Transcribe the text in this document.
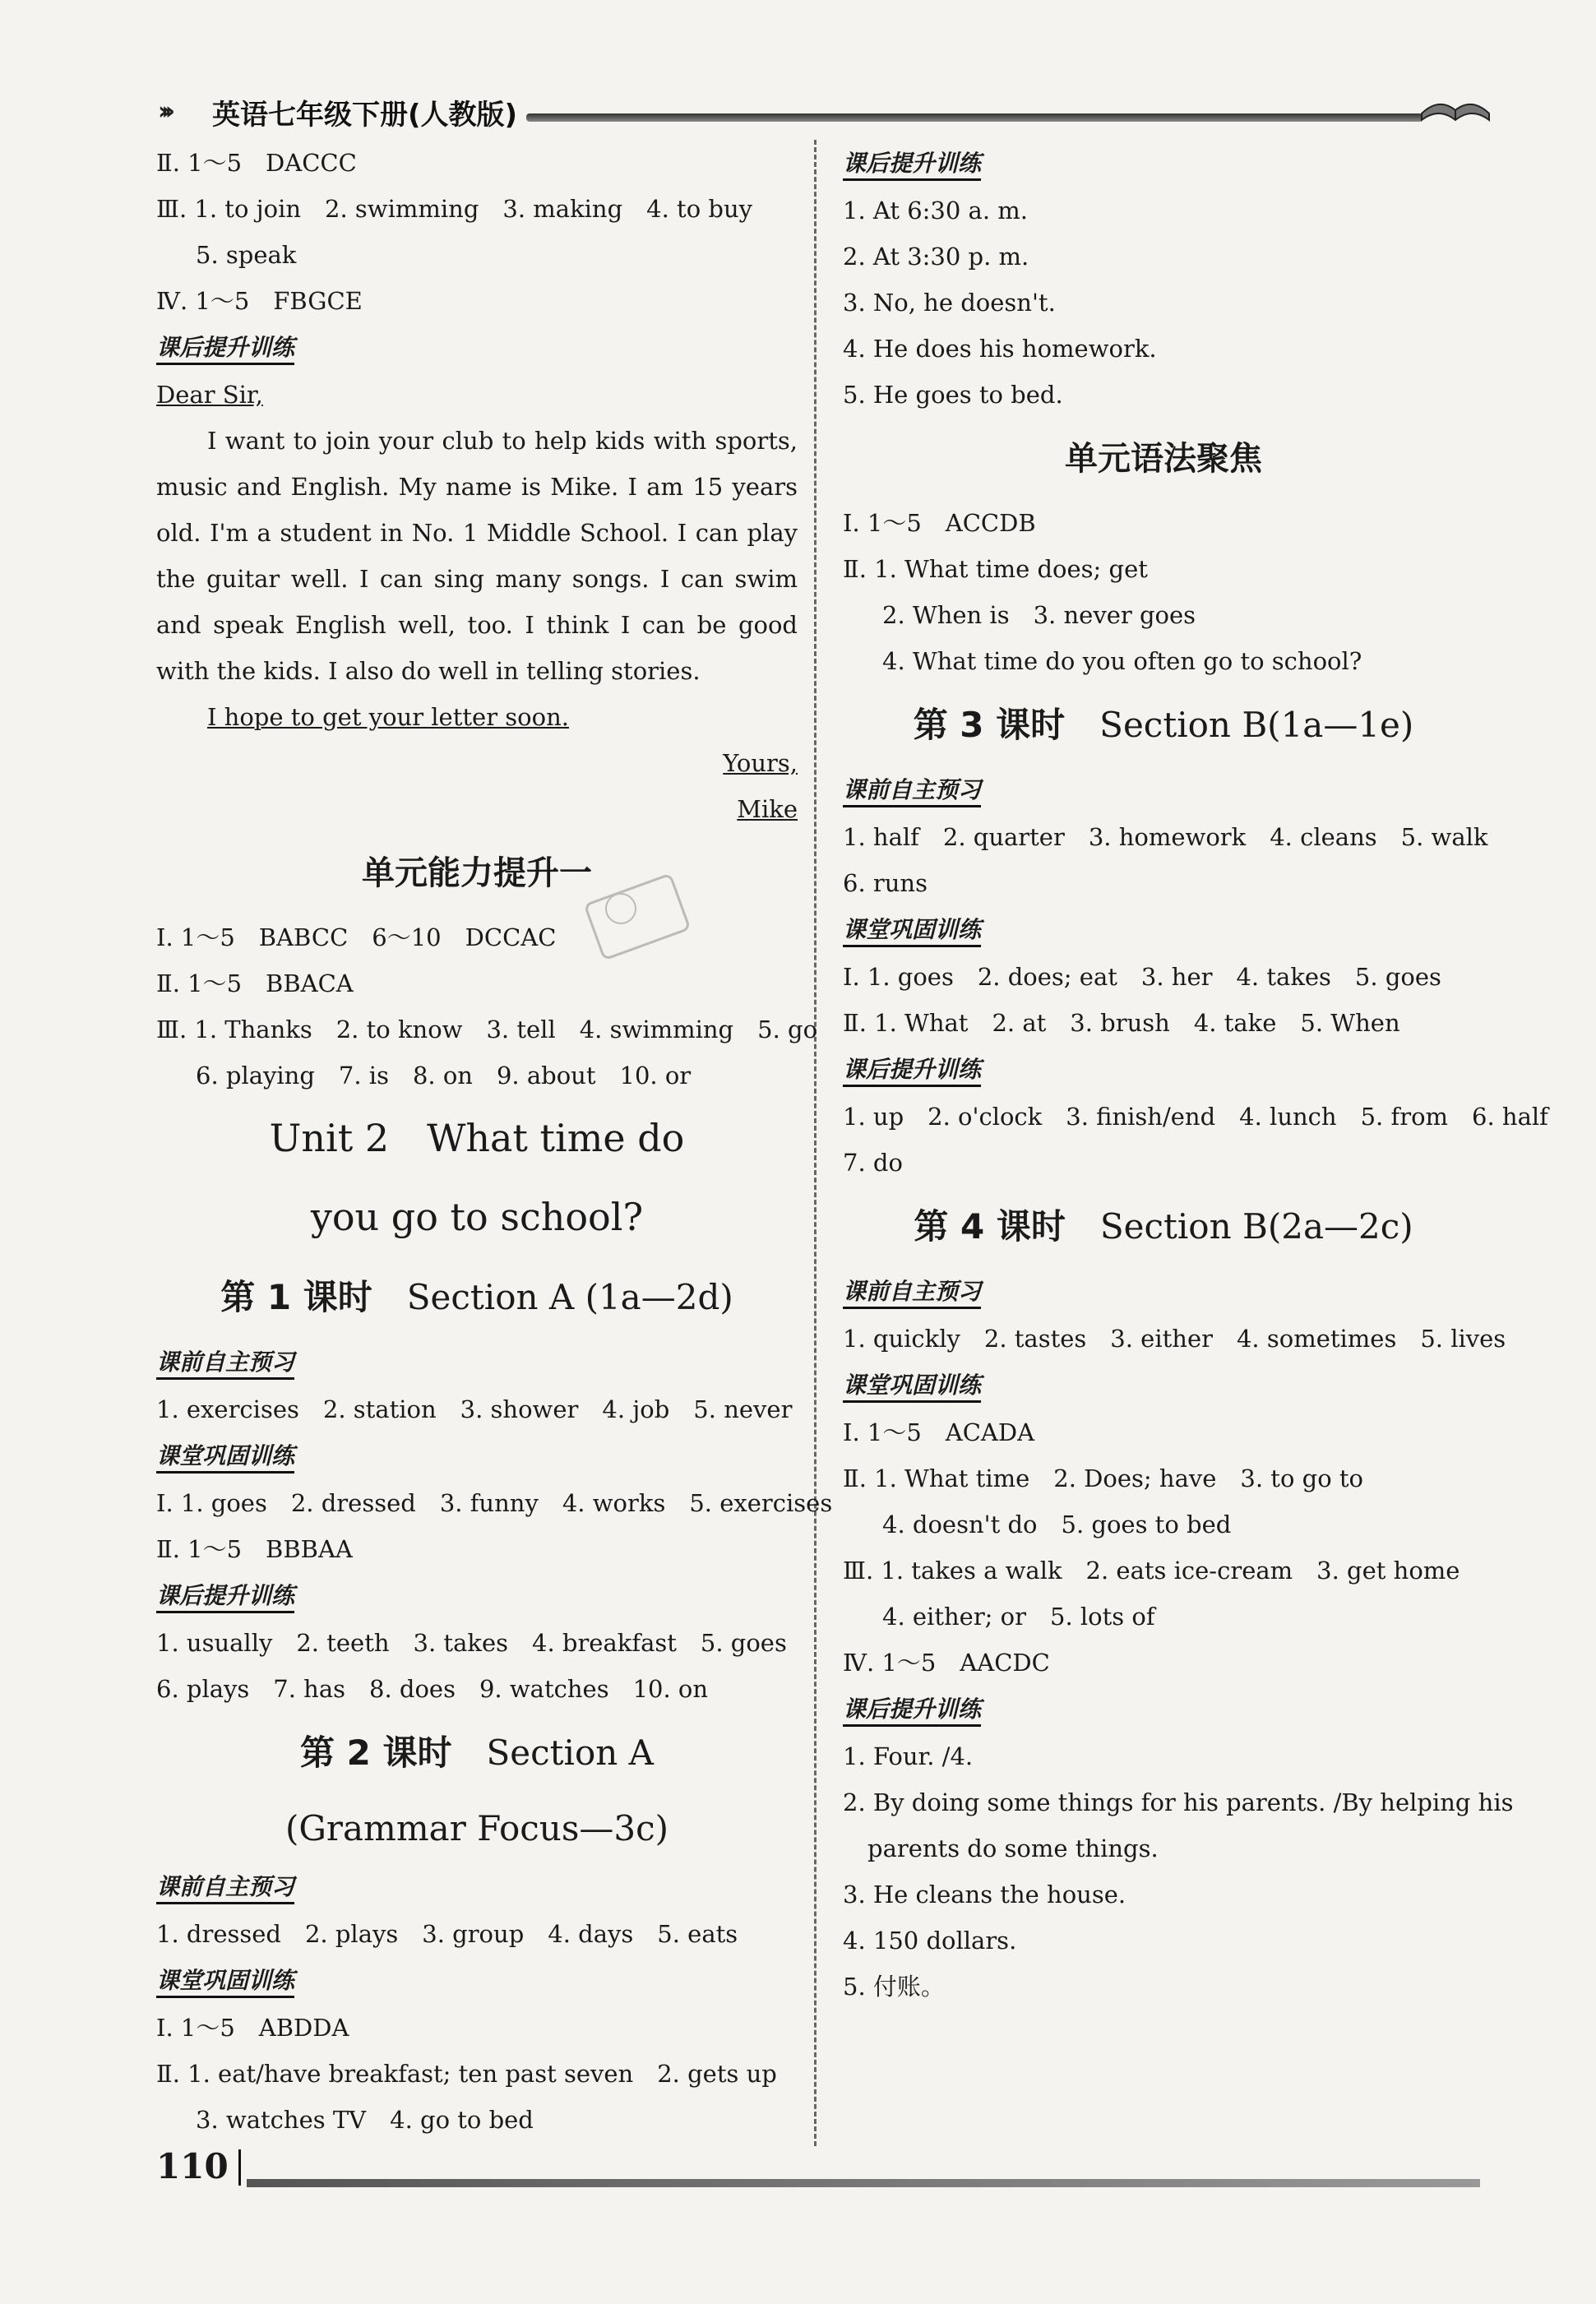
››› 英语七年级下册(人教版)
Ⅱ. 1～5　DACCC
Ⅲ. 1. to join　2. swimming　3. making　4. to buy
5. speak
Ⅳ. 1～5　FBGCE
课后提升训练
Dear Sir,
I want to join your club to help kids with sports, music and English. My name is Mike. I am 15 years old. I'm a student in No. 1 Middle School. I can play the guitar well. I can sing many songs. I can swim and speak English well, too. I think I can be good with the kids. I also do well in telling stories.
I hope to get your letter soon.
Yours,
Mike
单元能力提升一
Ⅰ. 1～5　BABCC　6～10　DCCAC
Ⅱ. 1～5　BBACA
Ⅲ. 1. Thanks　2. to know　3. tell　4. swimming　5. go
6. playing　7. is　8. on　9. about　10. or
Unit 2　What time do
you go to school?
第 1 课时　 Section A (1a—2d)
课前自主预习
1. exercises　2. station　3. shower　4. job　5. never
课堂巩固训练
Ⅰ. 1. goes　2. dressed　3. funny　4. works　5. exercises
Ⅱ. 1～5　BBBAA
课后提升训练
1. usually　2. teeth　3. takes　4. breakfast　5. goes
6. plays　7. has　8. does　9. watches　10. on
第 2 课时　 Section A
(Grammar Focus—3c)
课前自主预习
1. dressed　2. plays　3. group　4. days　5. eats
课堂巩固训练
Ⅰ. 1～5　ABDDA
Ⅱ. 1. eat/have breakfast; ten past seven　2. gets up
3. watches TV　4. go to bed
课后提升训练
1. At 6:30 a. m.
2. At 3:30 p. m.
3. No, he doesn't.
4. He does his homework.
5. He goes to bed.
单元语法聚焦
Ⅰ. 1～5　ACCDB
Ⅱ. 1. What time does; get
2. When is　3. never goes
4. What time do you often go to school?
第 3 课时　 Section B(1a—1e)
课前自主预习
1. half　2. quarter　3. homework　4. cleans　5. walk
6. runs
课堂巩固训练
Ⅰ. 1. goes　2. does; eat　3. her　4. takes　5. goes
Ⅱ. 1. What　2. at　3. brush　4. take　5. When
课后提升训练
1. up　2. o'clock　3. finish/end　4. lunch　5. from　6. half
7. do
第 4 课时　 Section B(2a—2c)
课前自主预习
1. quickly　2. tastes　3. either　4. sometimes　5. lives
课堂巩固训练
Ⅰ. 1～5　ACADA
Ⅱ. 1. What time　2. Does; have　3. to go to
4. doesn't do　5. goes to bed
Ⅲ. 1. takes a walk　2. eats ice-cream　3. get home
4. either; or　5. lots of
Ⅳ. 1～5　AACDC
课后提升训练
1. Four. /4.
2. By doing some things for his parents. /By helping his
parents do some things.
3. He cleans the house.
4. 150 dollars.
5. 付账。
110
